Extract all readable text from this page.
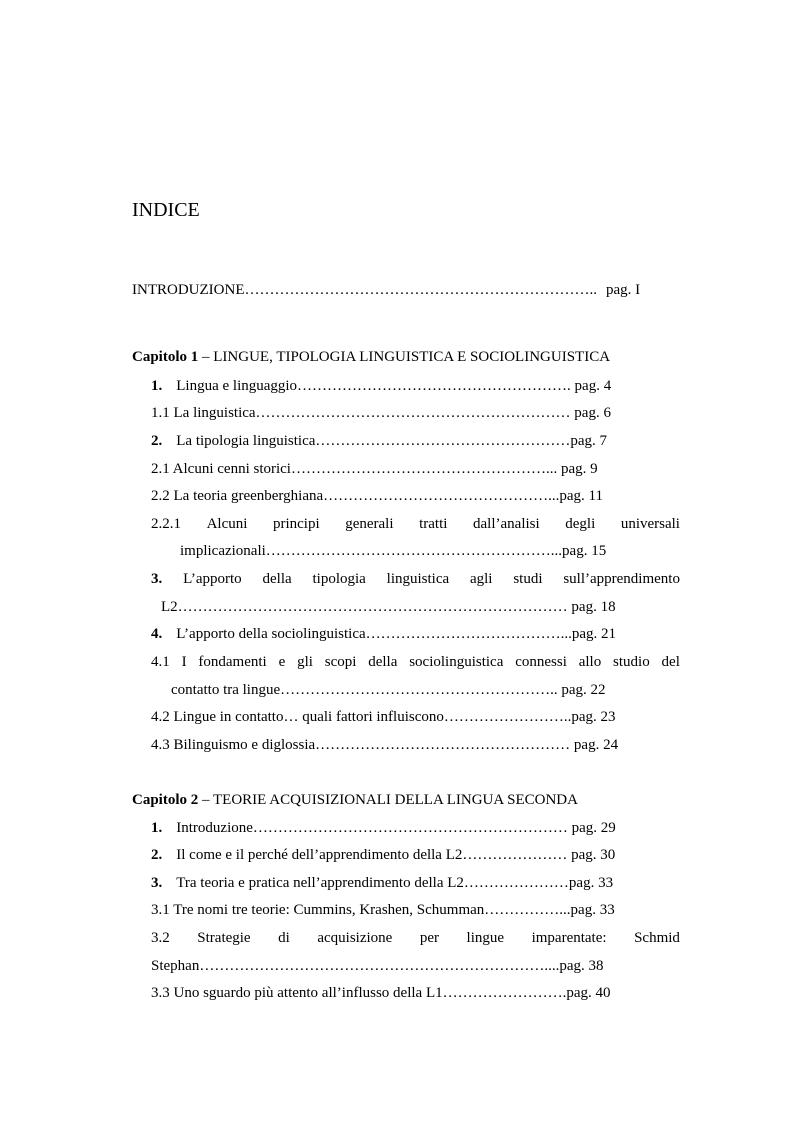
INDICE
INTRODUZIONE…………………………………………………………….. pag. I
Capitolo 1 – LINGUE, TIPOLOGIA LINGUISTICA E SOCIOLINGUISTICA
1. Lingua e linguaggio………………………………………………. pag. 4
1.1 La linguistica……………………………………………………… pag. 6
2. La tipologia linguistica……………………………………………pag. 7
2.1 Alcuni cenni storici……………………………………………... pag. 9
2.2 La teoria greenberghiana………………………………………...pag. 11
2.2.1 Alcuni principi generali tratti dall’analisi degli universali
implicazionali…………………………………………………...pag. 15
3. L’apporto della tipologia linguistica agli studi sull’apprendimento
L2…………………………………………………………………… pag. 18
4. L’apporto della sociolinguistica…………………………………...pag. 21
4.1 I fondamenti e gli scopi della sociolinguistica connessi allo studio del
contatto tra lingue……………………………………………….. pag. 22
4.2 Lingue in contatto… quali fattori influiscono……………………..pag. 23
4.3 Bilinguismo e diglossia…………………………………………… pag. 24
Capitolo 2 – TEORIE ACQUISIZIONALI DELLA LINGUA SECONDA
1. Introduzione……………………………………………………… pag. 29
2. Il come e il perché dell’apprendimento della L2………………… pag. 30
3. Tra teoria e pratica nell’apprendimento della L2…………………pag. 33
3.1 Tre nomi tre teorie: Cummins, Krashen, Schumman……………...pag. 33
3.2 Strategie di acquisizione per lingue imparentate: Schmid
Stephan……………………………………………………………....pag. 38
3.3 Uno sguardo più attento all’influsso della L1…………………….pag. 40
